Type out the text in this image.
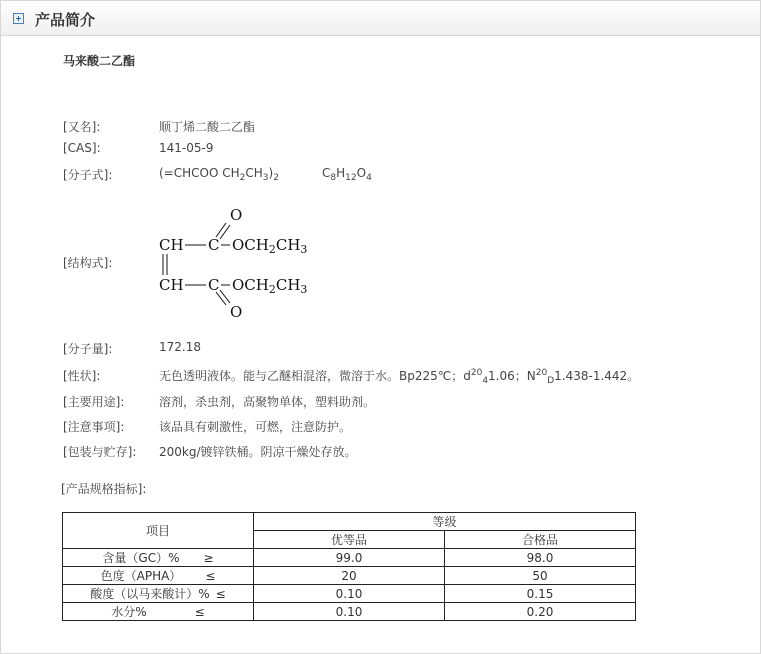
产品简介
马来酸二乙酯
[又名]:	顺丁烯二酸二乙酯
[CAS]:	141-05-9
[分子式]:	(=CHCOO $CH_2CH_3)_2$	$C_8H_{12}O_4$
[结构式]:
O
CH C $OCH_2CH_3$
CH C $OCH_2CH_3$
O
[分子量]:	172.18
[性状]:	无色透明液体。能与乙醚相混溶，微溶于水。Bp225℃；$d^{20}_41.06$；$N^{20}_D1.438-1.442$。
[主要用途]:	溶剂，杀虫剂，高聚物单体，塑料助剂。
[注意事项]:	该品具有刺激性，可燃，注意防护。
[包装与贮存]:	200kg/镀锌铁桶。阴凉干燥处存放。
[产品规格指标]:
项目	等级	
	优等品	合格品
含量（GC）%   ≥	99.0	98.0
色度（APHA）   ≤	20	50
酸度（以马来酸计）%  ≤	0.10	0.15
水分%     ≤	0.10	0.20
